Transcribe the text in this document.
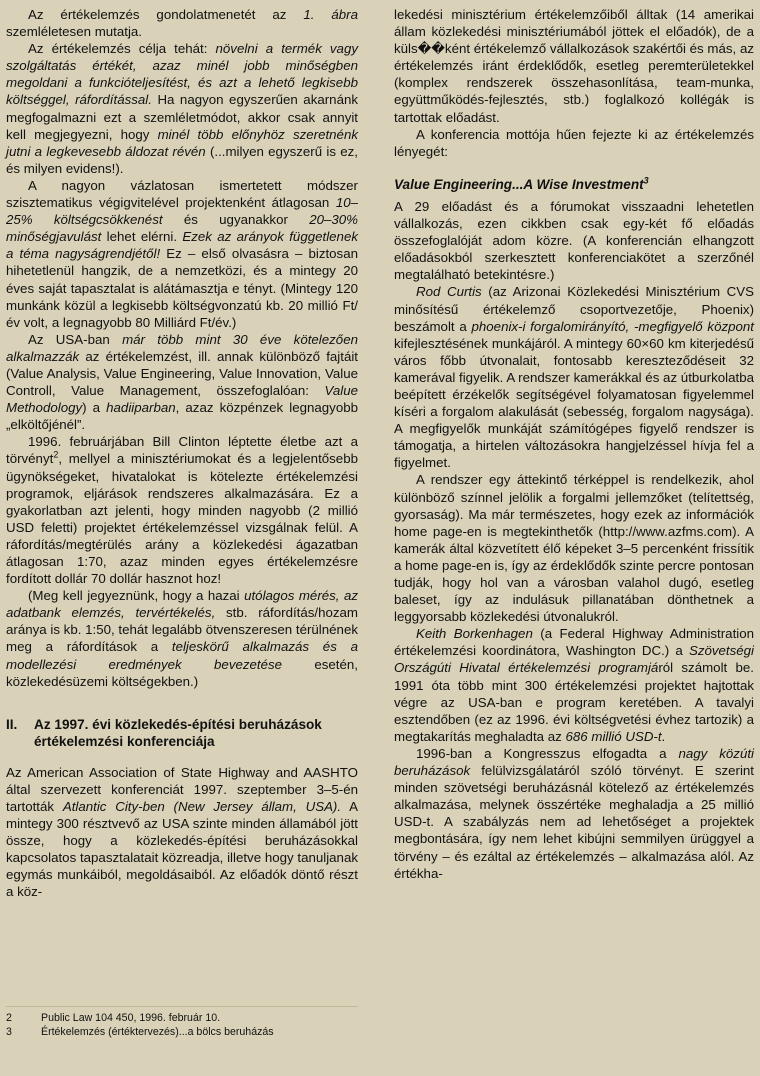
Az értékelemzés gondolatmenetét az 1. ábra szemléletesen mutatja.

Az értékelemzés célja tehát: növelni a termék vagy szolgáltatás értékét, azaz minél jobb minőségben megoldani a funkcióteljesítést, és azt a lehető legkisebb költséggel, ráfordítással. Ha nagyon egyszerűen akarnánk megfogalmazni ezt a szemléletmódot, akkor csak annyit kell megjegyezni, hogy minél több előnyhöz szeretnénk jutni a legkevesebb áldozat révén (...milyen egyszerű is ez, és milyen evidens!).

A nagyon vázlatosan ismertetett módszer szisztematikus végigvitelével projektenként átlagosan 10–25% költségcsökkenést és ugyanakkor 20–30% minőségjavulást lehet elérni. Ezek az arányok függetlenek a téma nagyságrendjétől! Ez – első olvasásra – biztosan hihetetlenül hangzik, de a nemzetközi, és a mintegy 20 éves saját tapasztalat is alátámasztja e tényt. (Mintegy 120 munkánk közül a legkisebb költségvonzatú kb. 20 millió Ft/év volt, a legnagyobb 80 Milliárd Ft/év.)

Az USA-ban már több mint 30 éve kötelezően alkalmazzák az értékelemzést, ill. annak különböző fajtáit (Value Analysis, Value Engineering, Value Innovation, Value Controll, Value Management, összefoglalóan: Value Methodology) a hadiiparban, azaz közpénzek legnagyobb „elköltőjénél”.

1996. februárjában Bill Clinton léptette életbe azt a törvényt$^2$, mellyel a minisztériumokat és a legjelentősebb ügynökségeket, hivatalokat is kötelezte értékelemzési programok, eljárások rendszeres alkalmazására. Ez a gyakorlatban azt jelenti, hogy minden nagyobb (2 millió USD feletti) projektet értékelemzéssel vizsgálnak felül. A ráfordítás/megtérülés arány a közlekedési ágazatban átlagosan 1:70, azaz minden egyes értékelemzésre fordított dollár 70 dollár hasznot hoz!

(Meg kell jegyeznünk, hogy a hazai utólagos mérés, az adatbank elemzés, tervértékelés, stb. ráfordítás/hozam aránya is kb. 1:50, tehát legalább ötvenszeresen térülnének meg a ráfordítások a teljeskörű alkalmazás és a modellezési eredmények bevezetése esetén, közlekedésüzemi költségekben.)

II. Az 1997. évi közlekedés-építési beruházások
értékelemzési konferenciája

Az American Association of State Highway and AASHTO által szervezett konferenciát 1997. szeptember 3–5-én tartották Atlantic City-ben (New Jersey állam, USA). A mintegy 300 résztvevő az USA szinte minden államából jött össze, hogy a közlekedés-építési beruházásokkal kapcsolatos tapasztalatait közreadja, illetve hogy tanuljanak egymás munkáiból, megoldásaiból. Az előadók döntő részt a köz-

lekedési minisztérium értékelemzőiből álltak (14 amerikai állam közlekedési minisztériumából jöttek el előadók), de a küls��ként értékelemző vállalkozások szakértői és más, az értékelemzés iránt érdeklődők, esetleg peremterületekkel (komplex rendszerek összehasonlítása, team-munka, együttműködés-fejlesztés, stb.) foglalkozó kollégák is tartottak előadást.

A konferencia mottója hűen fejezte ki az értékelemzés lényegét:

Value Engineering...A Wise Investment$^3$

A 29 előadást és a fórumokat visszaadni lehetetlen vállalkozás, ezen cikkben csak egy-két fő előadás összefoglalóját adom közre. (A konferencián elhangzott előadásokból szerkesztett konferenciakötet a szerzőnél megtalálható betekintésre.)

Rod Curtis (az Arizonai Közlekedési Minisztérium CVS minősítésű értékelemző csoportvezetője, Phoenix) beszámolt a phoenix-i forgalomirányító, -megfigyelő központ kifejlesztésének munkájáról. A mintegy 60×60 km kiterjedésű város főbb útvonalait, fontosabb kereszteződéseit 32 kamerával figyelik. A rendszer kamerákkal és az útburkolatba beépített érzékelők segítségével folyamatosan figyelemmel kíséri a forgalom alakulását (sebesség, forgalom nagysága). A megfigyelők munkáját számítógépes figyelő rendszer is támogatja, a hirtelen változásokra hangjelzéssel hívja fel a figyelmet.

A rendszer egy áttekintő térképpel is rendelkezik, ahol különböző színnel jelölik a forgalmi jellemzőket (telítettség, gyorsaság). Ma már természetes, hogy ezek az információk home page-en is megtekinthetők (http://www.azfms.com). A kamerák által közvetített élő képeket 3–5 percenként frissítik a home page-en is, így az érdeklődők szinte percre pontosan tudják, hogy hol van a városban valahol dugó, esetleg baleset, így az indulásuk pillanatában dönthetnek a leggyorsabb közlekedési útvonalukról.

Keith Borkenhagen (a Federal Highway Administration értékelemzési koordinátora, Washington DC.) a Szövetségi Országúti Hivatal értékelemzési programjáról számolt be. 1991 óta több mint 300 értékelemzési projektet hajtottak végre az USA-ban e program keretében. A tavalyi esztendőben (ez az 1996. évi költségvetési évhez tartozik) a megtakarítás meghaladta az 686 millió USD-t.

1996-ban a Kongresszus elfogadta a nagy közúti beruházások felülvizsgálatáról szóló törvényt. E szerint minden szövetségi beruházásnál kötelező az értékelemzés alkalmazása, melynek összértéke meghaladja a 25 millió USD-t. A szabályzás nem ad lehetőséget a projektek megbontására, így nem lehet kibújni semmilyen ürüggyel a törvény – és ezáltal az értékelemzés – alkalmazása alól. Az értékha-

2	Public Law 104 450, 1996. február 10.
3	Értékelemzés (értéktervezés)...a bölcs beruházás
